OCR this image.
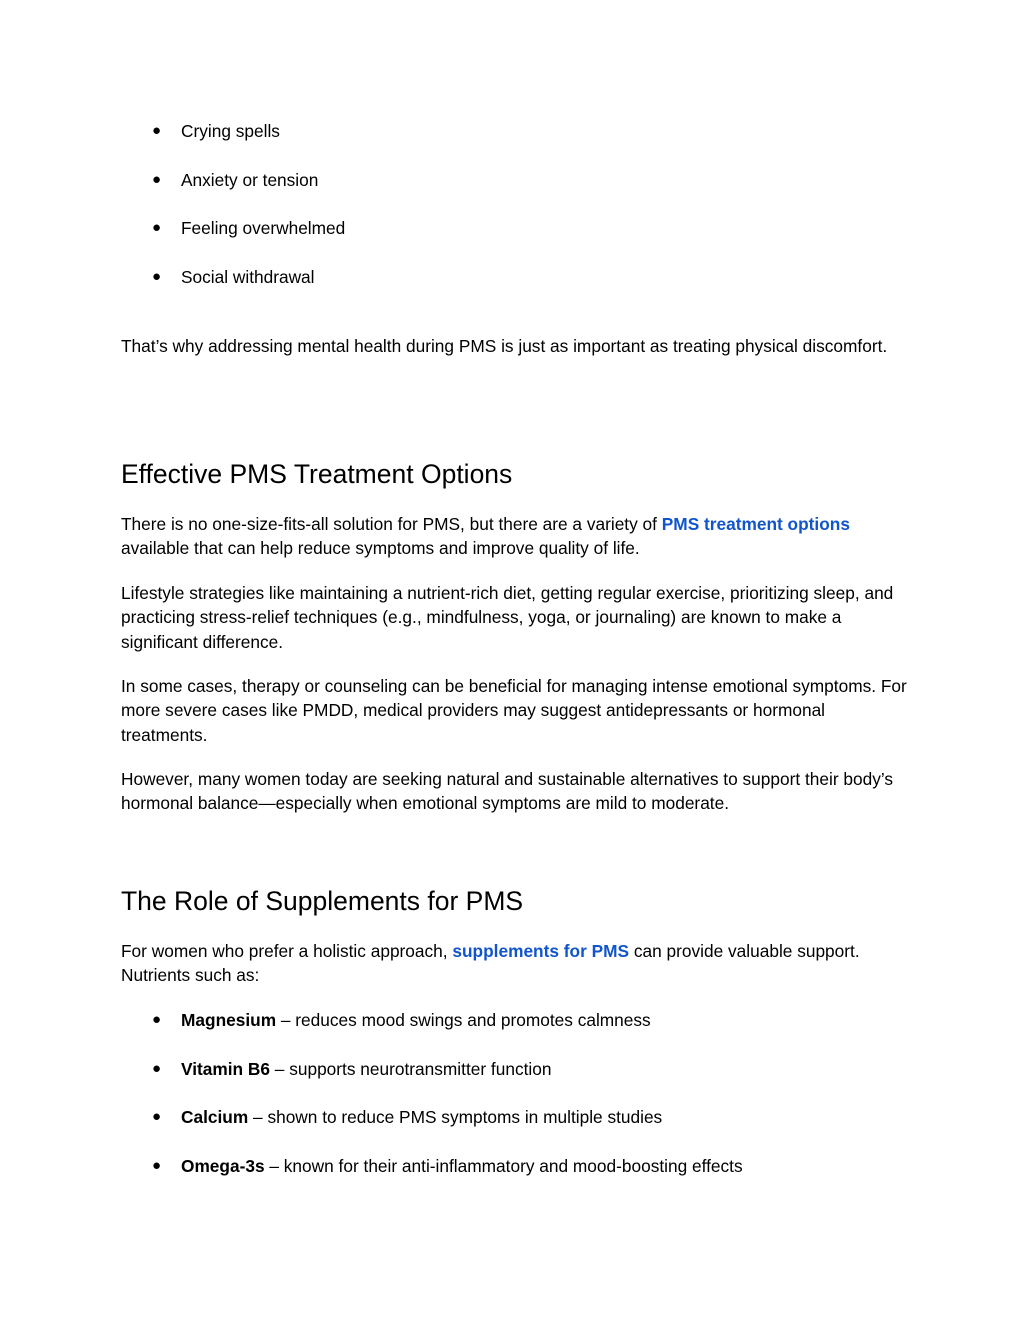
● Crying spells
● Anxiety or tension
● Feeling overwhelmed
● Social withdrawal

That’s why addressing mental health during PMS is just as important as treating physical discomfort.

Effective PMS Treatment Options

There is no one-size-fits-all solution for PMS, but there are a variety of PMS treatment options available that can help reduce symptoms and improve quality of life.

Lifestyle strategies like maintaining a nutrient-rich diet, getting regular exercise, prioritizing sleep, and practicing stress-relief techniques (e.g., mindfulness, yoga, or journaling) are known to make a significant difference.

In some cases, therapy or counseling can be beneficial for managing intense emotional symptoms. For more severe cases like PMDD, medical providers may suggest antidepressants or hormonal treatments.

However, many women today are seeking natural and sustainable alternatives to support their body’s hormonal balance—especially when emotional symptoms are mild to moderate.

The Role of Supplements for PMS

For women who prefer a holistic approach, supplements for PMS can provide valuable support. Nutrients such as:

● Magnesium – reduces mood swings and promotes calmness
● Vitamin B6 – supports neurotransmitter function
● Calcium – shown to reduce PMS symptoms in multiple studies
● Omega-3s – known for their anti-inflammatory and mood-boosting effects
